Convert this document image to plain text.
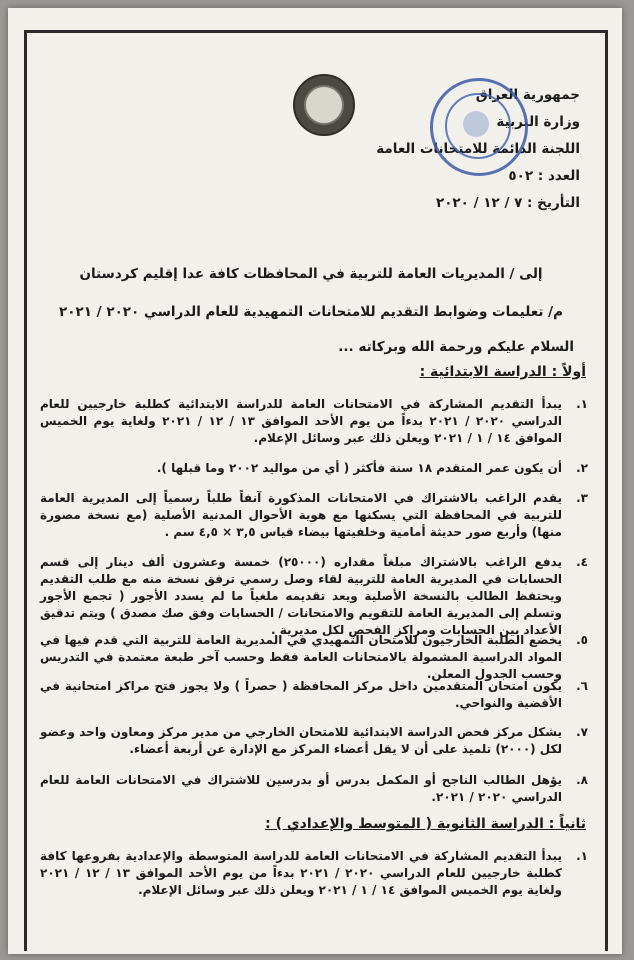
جمهورية العراق
وزارة التربية
اللجنة الدائمة للامتحانات العامة
العدد : ٥٠٢
التأريخ : ٧ / ١٢ / ٢٠٢٠
إلى / المديريات العامة للتربية في المحافظات كافة عدا إقليم كردستان
م/ تعليمات وضوابط التقديم للامتحانات التمهيدية للعام الدراسي ٢٠٢٠ / ٢٠٢١
السلام عليكم ورحمة الله وبركاته ...
أولاً : الدراسة الابتدائية :
١.
يبدأ التقديم المشاركة في الامتحانات العامة للدراسة الابتدائية كطلبة خارجيين للعام الدراسي ٢٠٢٠ / ٢٠٢١ بدءاً من يوم الأحد الموافق ١٣ / ١٢ / ٢٠٢١ ولغاية يوم الخميس الموافق ١٤ / ١ / ٢٠٢١ ويعلن ذلك عبر وسائل الإعلام.
٢.
أن يكون عمر المتقدم ١٨ سنة فأكثر ( أي من مواليد ٢٠٠٢ وما قبلها ).
٣.
يقدم الراغب بالاشتراك في الامتحانات المذكورة آنفاً طلباً رسمياً إلى المديرية العامة للتربية في المحافظة التي يسكنها مع هوية الأحوال المدنية الأصلية (مع نسخة مصورة منها) وأربع صور حديثة أمامية وخلفيتها بيضاء قياس ٣,٥ × ٤,٥ سم .
٤.
يدفع الراغب بالاشتراك مبلغاً مقداره (٢٥٠٠٠) خمسة وعشرون ألف دينار إلى قسم الحسابات في المديرية العامة للتربية لقاء وصل رسمي ترفق نسخة منه مع طلب التقديم ويحتفظ الطالب بالنسخة الأصلية ويعد تقديمه ملغياً ما لم يسدد الأجور ( تجمع الأجور وتسلم إلى المديرية العامة للتقويم والامتحانات / الحسابات وفق صك مصدق ) ويتم تدقيق الأعداد بين الحسابات ومراكز الفحص لكل مديرية .
٥.
يخضع الطلبة الخارجيون للامتحان التمهيدي في المديرية العامة للتربية التي قدم فيها في المواد الدراسية المشمولة بالامتحانات العامة فقط وحسب آخر طبعة معتمدة في التدريس وحسب الجدول المعلن.
٦.
يكون امتحان المتقدمين داخل مركز المحافظة ( حصراً ) ولا يجوز فتح مراكز امتحانية في الأقضية والنواحي.
٧.
يشكل مركز فحص الدراسة الابتدائية للامتحان الخارجي من مدير مركز ومعاون واحد وعضو لكل (٢٠٠٠) تلميذ على أن لا يقل أعضاء المركز مع الإدارة عن أربعة أعضاء.
٨.
يؤهل الطالب الناجح أو المكمل بدرس أو بدرسين للاشتراك في الامتحانات العامة للعام الدراسي ٢٠٢٠ / ٢٠٢١.
ثانياً : الدراسة الثانوية ( المتوسط والإعدادي ) :
١.
يبدأ التقديم المشاركة في الامتحانات العامة للدراسة المتوسطة والإعدادية بفروعها كافة كطلبة خارجيين للعام الدراسي ٢٠٢٠ / ٢٠٢١ بدءاً من يوم الأحد الموافق ١٣ / ١٢ / ٢٠٢١ ولغاية يوم الخميس الموافق ١٤ / ١ / ٢٠٢١ ويعلن ذلك عبر وسائل الإعلام.
